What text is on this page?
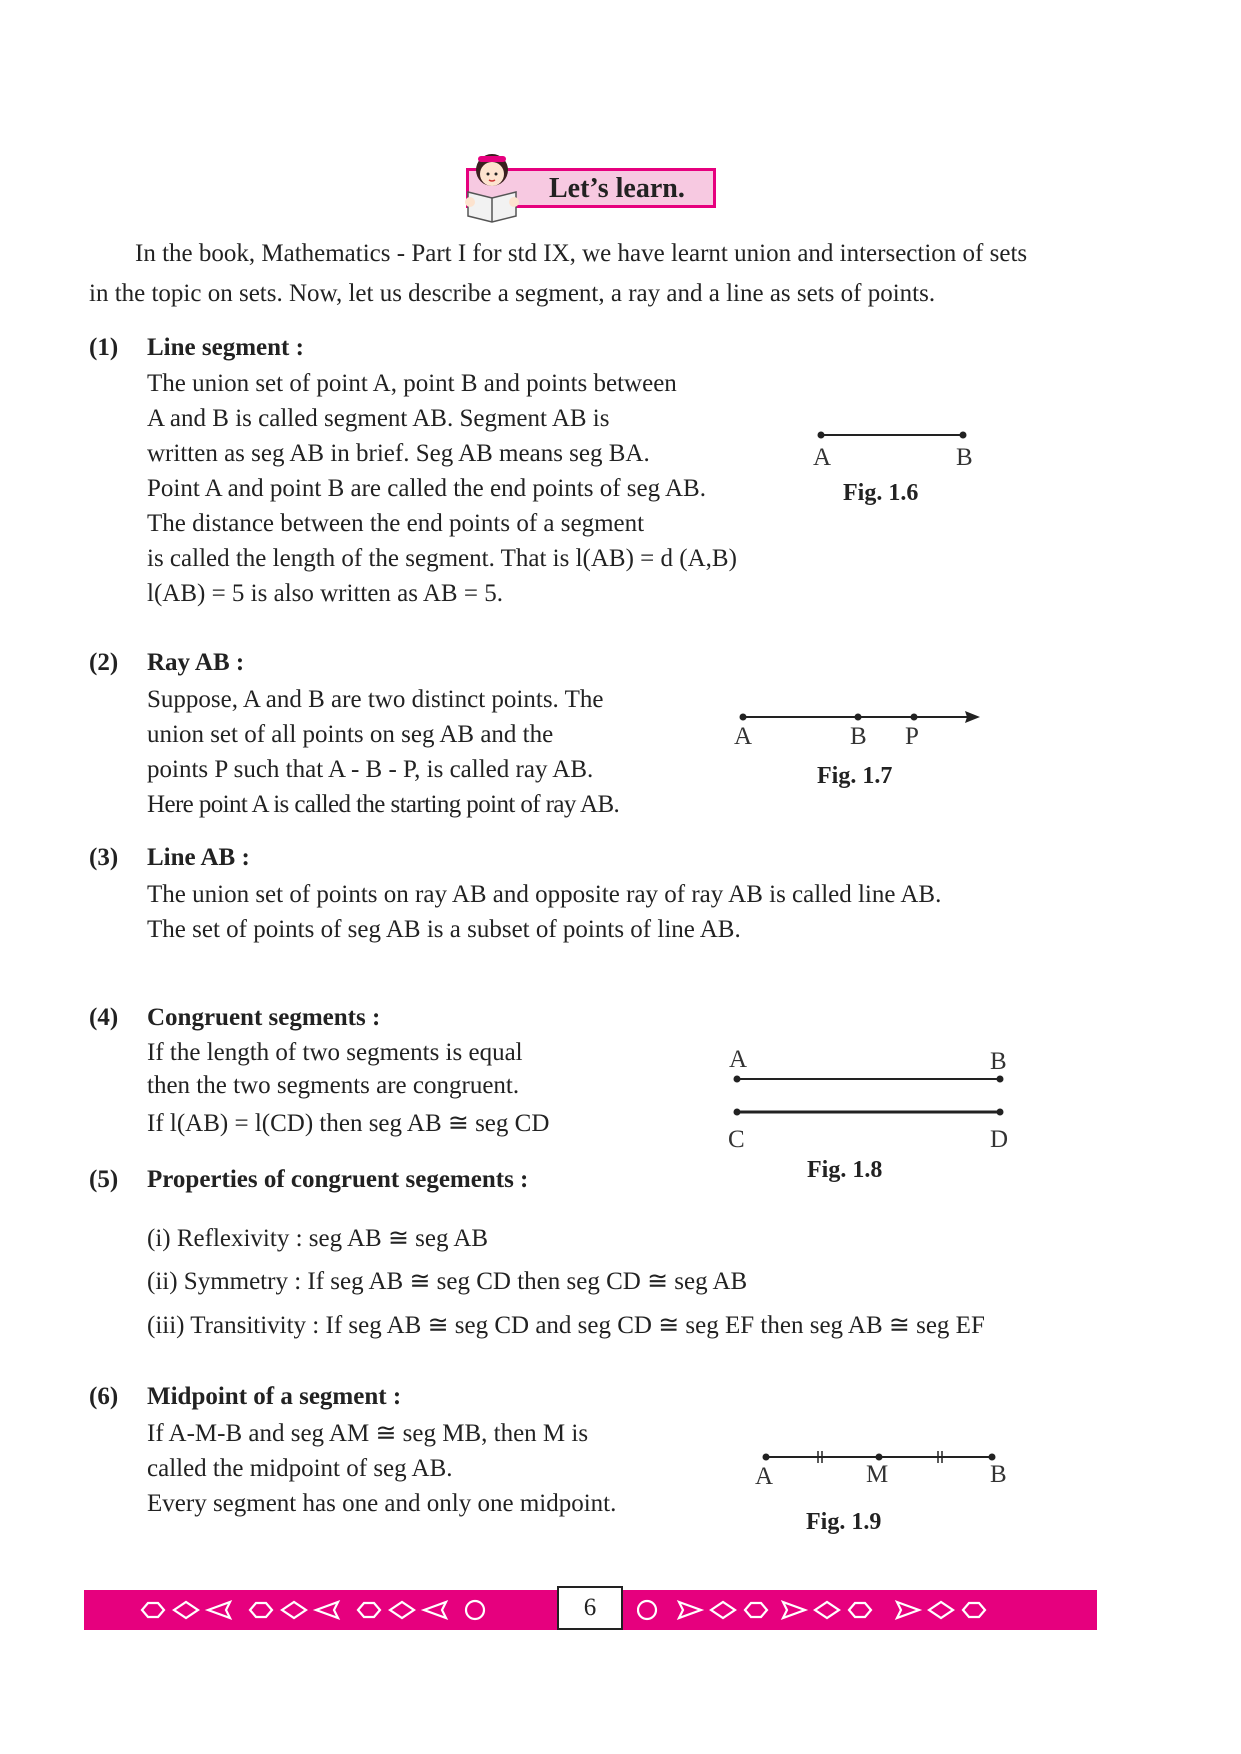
Let’s learn.
In the book, Mathematics - Part I for std IX, we have learnt union and intersection of sets
in the topic on sets. Now, let us describe a segment, a ray and a line as sets of points.
(1) Line segment :
The union set of point A, point B and points between
A and B is called segment AB. Segment AB is
written as seg AB in brief. Seg AB means seg BA.
Point A and point B are called the end points of seg AB.
The distance between the end points of a segment
is called the length of the segment. That is l(AB) = d (A,B)
l(AB) = 5 is also written as AB = 5.
A	B
Fig. 1.6
(2) Ray AB :
Suppose, A and B are two distinct points. The
union set of all points on seg AB and the
points P such that A - B - P, is called ray AB.
Here point A is called the starting point of ray AB.
A	B P
Fig. 1.7
(3) Line AB :
The union set of points on ray AB and opposite ray of ray AB is called line AB.
The set of points of seg AB is a subset of points of line AB.
(4) Congruent segments :
If the length of two segments is equal
then the two segments are congruent.
If l(AB) = l(CD) then seg AB ≅ seg CD
A	B
C	D
Fig. 1.8
(5) Properties of congruent segements :
(i) Reflexivity : seg AB ≅ seg AB
(ii) Symmetry : If seg AB ≅ seg CD then seg CD ≅ seg AB
(iii) Transitivity : If seg AB ≅ seg CD and seg CD ≅ seg EF then seg AB ≅ seg EF
(6) Midpoint of a segment :
If A-M-B and seg AM ≅ seg MB, then M is
called the midpoint of seg AB.
Every segment has one and only one midpoint.
A	M	B
Fig. 1.9
6
